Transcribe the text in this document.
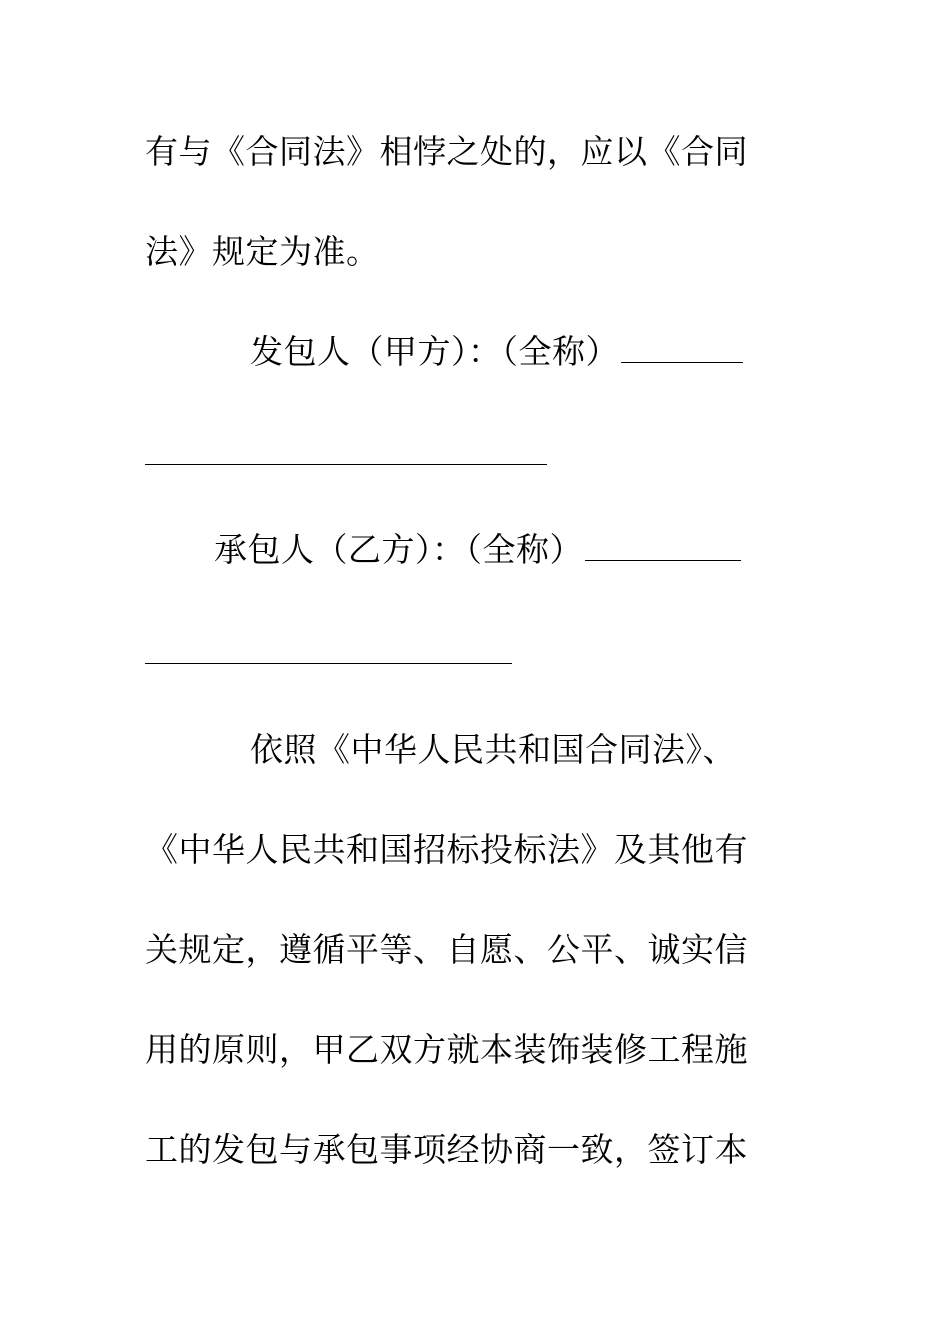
有与《合同法》相悖之处的，应以《合同
法》规定为准。
发包人（甲方）：（全称）
承包人（乙方）：（全称）
依照《中华人民共和国合同法》、
《中华人民共和国招标投标法》及其他有
关规定，遵循平等、自愿、公平、诚实信
用的原则，甲乙双方就本装饰装修工程施
工的发包与承包事项经协商一致，签订本
